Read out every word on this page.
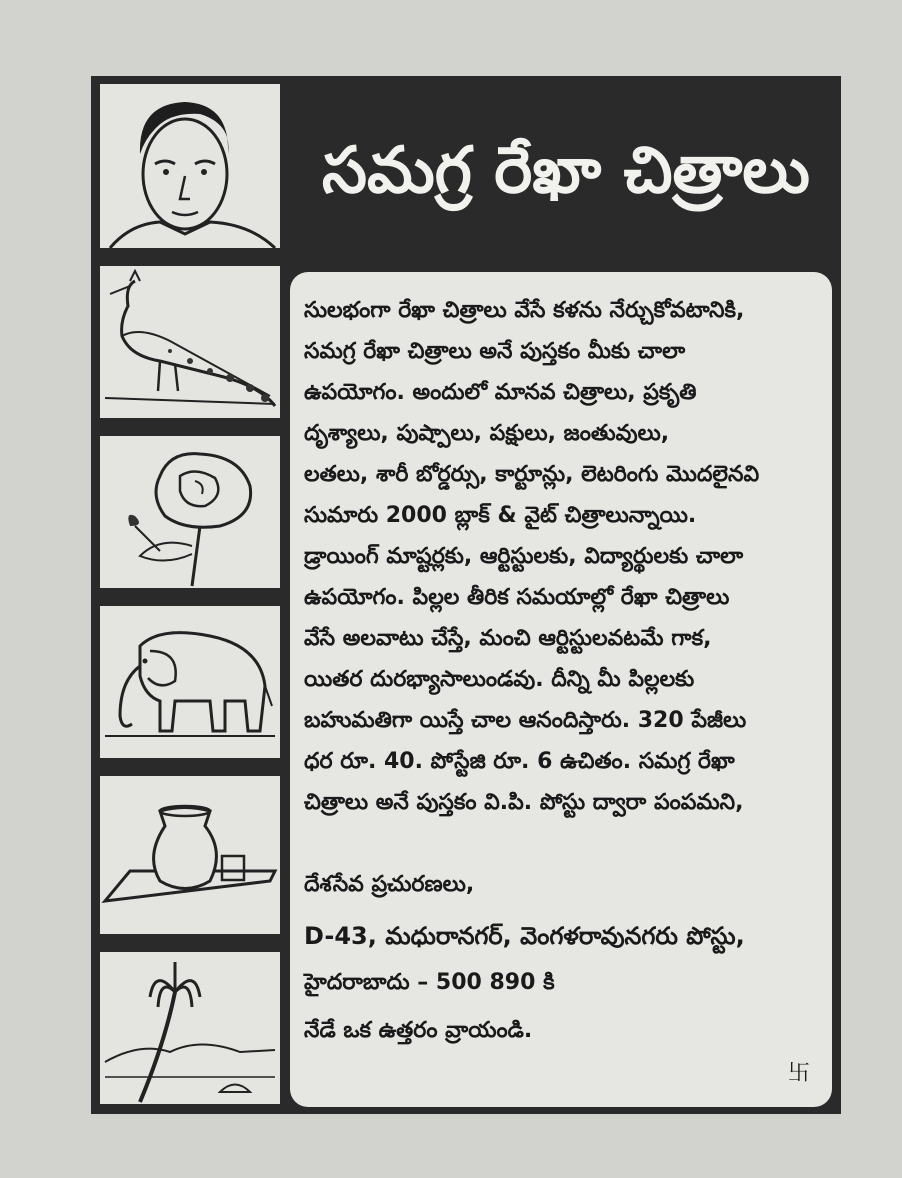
సమగ్ర రేఖా చిత్రాలు
సులభంగా రేఖా చిత్రాలు వేసే కళను నేర్చుకోవటానికి,
సమగ్ర రేఖా చిత్రాలు అనే పుస్తకం మీకు చాలా
ఉపయోగం. అందులో మానవ చిత్రాలు, ప్రకృతి
దృశ్యాలు, పుష్పాలు, పక్షులు, జంతువులు,
లతలు, శారీ బోర్డర్సు, కార్టూన్లు, లెటరింగు మొదలైనవి
సుమారు 2000 బ్లాక్ & వైట్ చిత్రాలున్నాయి.
డ్రాయింగ్ మాష్టర్లకు, ఆర్టిస్టులకు, విద్యార్థులకు చాలా
ఉపయోగం. పిల్లల తీరిక సమయాల్లో రేఖా చిత్రాలు
వేసే అలవాటు చేస్తే, మంచి ఆర్టిస్టులవటమే గాక,
యితర దురభ్యాసాలుండవు. దీన్ని మీ పిల్లలకు
బహుమతిగా యిస్తే చాల ఆనందిస్తారు. 320 పేజీలు
ధర రూ. 40. పోస్టేజి రూ. 6 ఉచితం. సమగ్ర రేఖా
చిత్రాలు అనే పుస్తకం వి.పి. పోస్టు ద్వారా పంపమని,
దేశసేవ ప్రచురణలు,
D-43, మధురానగర్, వెంగళరావునగరు పోస్టు,
హైదరాబాదు – 500 890 కి
నేడే ఒక ఉత్తరం వ్రాయండి.
卐
